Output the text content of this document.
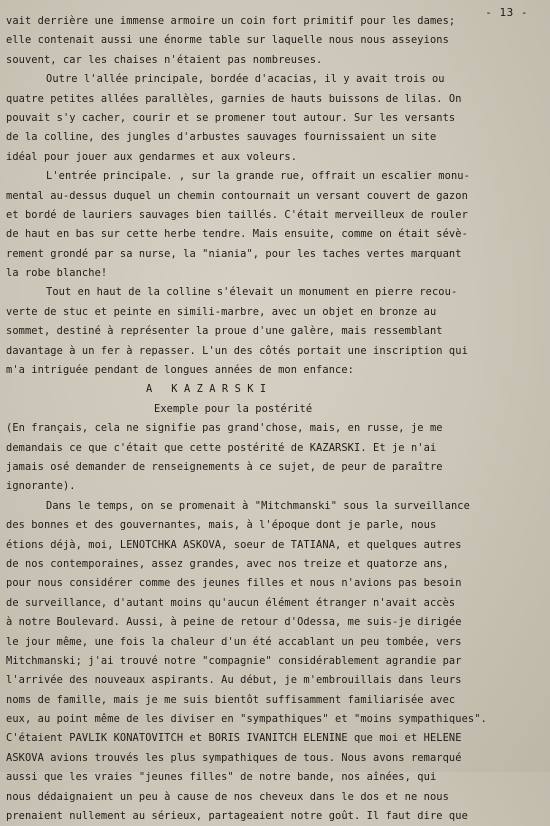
- 13 -
vait derrière une immense armoire un coin fort primitif pour les dames;
elle contenait aussi une énorme table sur laquelle nous nous asseyions
souvent, car les chaises n'étaient pas nombreuses.
Outre l'allée principale, bordée d'acacias, il y avait trois ou
quatre petites allées parallèles, garnies de hauts buissons de lilas. On
pouvait s'y cacher, courir et se promener tout autour. Sur les versants
de la colline, des jungles d'arbustes sauvages fournissaient un site
idéal pour jouer aux gendarmes et aux voleurs.
L'entrée principale. , sur la grande rue, offrait un escalier monu-
mental au-dessus duquel un chemin contournait un versant couvert de gazon
et bordé de lauriers sauvages bien taillés. C'était merveilleux de rouler
de haut en bas sur cette herbe tendre. Mais ensuite, comme on était sévè-
rement grondé par sa nurse, la "niania", pour les taches vertes marquant
la robe blanche!
Tout en haut de la colline s'élevait un monument en pierre recou-
verte de stuc et peinte en simili-marbre, avec un objet en bronze au
sommet, destiné à représenter la proue d'une galère, mais ressemblant
davantage à un fer à repasser. L'un des côtés portait une inscription qui
m'a intriguée pendant de longues années de mon enfance:
A   K A Z A R S K I
Exemple pour la postérité
(En français, cela ne signifie pas grand'chose, mais, en russe, je me
demandais ce que c'était que cette postérité de KAZARSKI. Et je n'ai
jamais osé demander de renseignements à ce sujet, de peur de paraître
ignorante).
Dans le temps, on se promenait à "Mitchmanski" sous la surveillance
des bonnes et des gouvernantes, mais, à l'époque dont je parle, nous
étions déjà, moi, LENOTCHKA ASKOVA, soeur de TATIANA, et quelques autres
de nos contemporaines, assez grandes, avec nos treize et quatorze ans,
pour nous considérer comme des jeunes filles et nous n'avions pas besoin
de surveillance, d'autant moins qu'aucun élément étranger n'avait accès
à notre Boulevard. Aussi, à peine de retour d'Odessa, me suis-je dirigée
le jour même, une fois la chaleur d'un été accablant un peu tombée, vers
Mitchmanski; j'ai trouvé notre "compagnie" considérablement agrandie par
l'arrivée des nouveaux aspirants. Au début, je m'embrouillais dans leurs
noms de famille, mais je me suis bientôt suffisamment familiarisée avec
eux, au point même de les diviser en "sympathiques" et "moins sympathiques".
C'étaient PAVLIK KONATOVITCH et BORIS IVANITCH ELENINE que moi et HELENE
ASKOVA avions trouvés les plus sympathiques de tous. Nous avons remarqué
aussi que les vraies "jeunes filles" de notre bande, nos aînées, qui
nous dédaignaient un peu à cause de nos cheveux dans le dos et ne nous
prenaient nullement au sérieux, partageaient notre goût. Il faut dire que
